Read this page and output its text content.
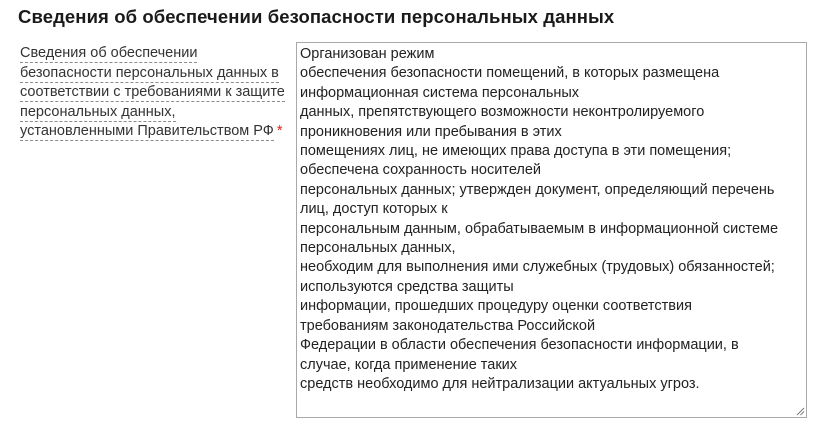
Сведения об обеспечении безопасности персональных данных
Сведения об обеспечении безопасности персональных данных в соответствии с требованиями к защите персональных данных, установленными Правительством РФ *
Организован режим
обеспечения безопасности помещений, в которых размещена
информационная система персональных
данных, препятствующего возможности неконтролируемого
проникновения или пребывания в этих
помещениях лиц, не имеющих права доступа в эти помещения;
обеспечена сохранность носителей
персональных данных; утвержден документ, определяющий перечень
лиц, доступ которых к
персональным данным, обрабатываемым в информационной системе
персональных данных,
необходим для выполнения ими служебных (трудовых) обязанностей;
используются средства защиты
информации, прошедших процедуру оценки соответствия
требованиям законодательства Российской
Федерации в области обеспечения безопасности информации, в
случае, когда применение таких
средств необходимо для нейтрализации актуальных угроз.
